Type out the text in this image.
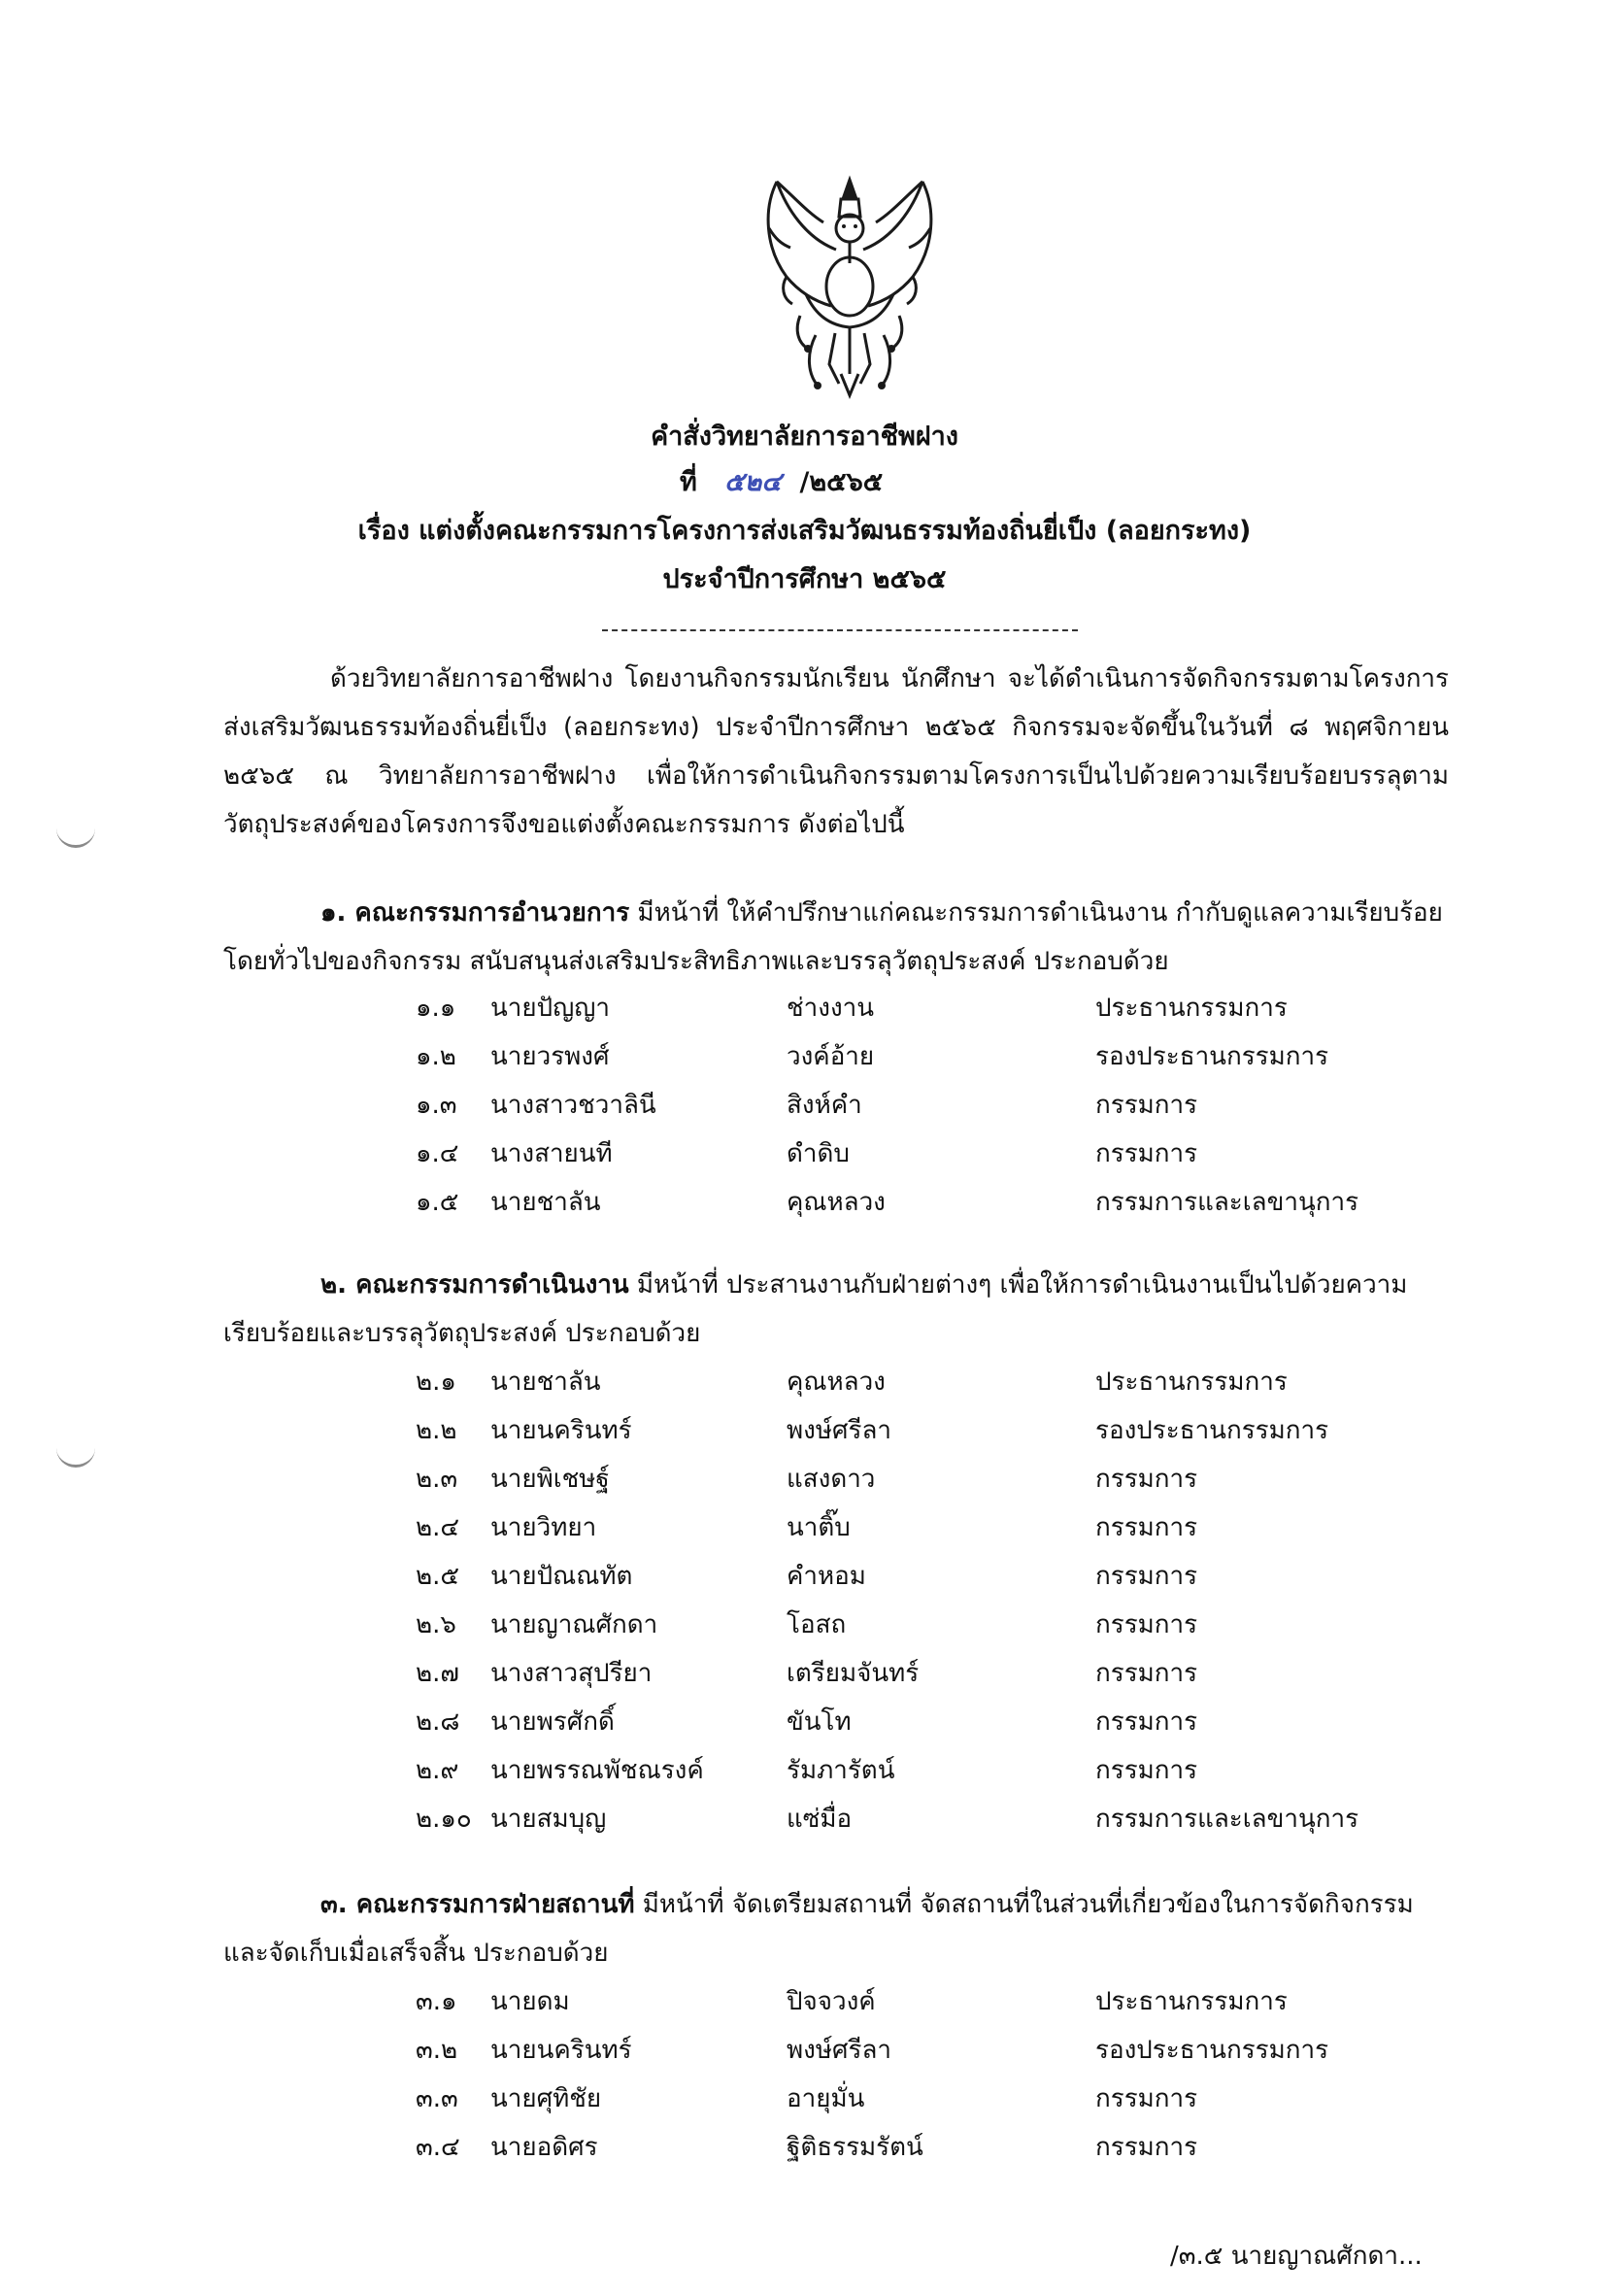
คำสั่งวิทยาลัยการอาชีพฝาง
ที่ ๕๒๔ /๒๕๖๕
เรื่อง แต่งตั้งคณะกรรมการโครงการส่งเสริมวัฒนธรรมท้องถิ่นยี่เป็ง (ลอยกระทง)
ประจำปีการศึกษา ๒๕๖๕
ด้วยวิทยาลัยการอาชีพฝาง โดยงานกิจกรรมนักเรียน นักศึกษา จะได้ดำเนินการจัดกิจกรรมตามโครงการส่งเสริมวัฒนธรรมท้องถิ่นยี่เป็ง (ลอยกระทง) ประจำปีการศึกษา ๒๕๖๕ กิจกรรมจะจัดขึ้นในวันที่ ๘ พฤศจิกายน ๒๕๖๕ ณ วิทยาลัยการอาชีพฝาง เพื่อให้การดำเนินกิจกรรมตามโครงการเป็นไปด้วยความเรียบร้อยบรรลุตามวัตถุประสงค์ของโครงการจึงขอแต่งตั้งคณะกรรมการ ดังต่อไปนี้
๑. คณะกรรมการอำนวยการ มีหน้าที่ ให้คำปรึกษาแก่คณะกรรมการดำเนินงาน กำกับดูแลความเรียบร้อยโดยทั่วไปของกิจกรรม สนับสนุนส่งเสริมประสิทธิภาพและบรรลุวัตถุประสงค์ ประกอบด้วย
๑.๑ นายปัญญา	ช่างงาน	ประธานกรรมการ
๑.๒ นายวรพงศ์	วงค์อ้าย	รองประธานกรรมการ
๑.๓ นางสาวชวาลินี	สิงห์คำ	กรรมการ
๑.๔ นางสายนที	ดำดิบ	กรรมการ
๑.๕ นายชาลัน	คุณหลวง	กรรมการและเลขานุการ
๒. คณะกรรมการดำเนินงาน มีหน้าที่ ประสานงานกับฝ่ายต่างๆ เพื่อให้การดำเนินงานเป็นไปด้วยความเรียบร้อยและบรรลุวัตถุประสงค์ ประกอบด้วย
๒.๑ นายชาลัน	คุณหลวง	ประธานกรรมการ
๒.๒ นายนครินทร์	พงษ์ศรีลา	รองประธานกรรมการ
๒.๓ นายพิเชษฐ์	แสงดาว	กรรมการ
๒.๔ นายวิทยา	นาติ๊บ	กรรมการ
๒.๕ นายปัณณทัต	คำหอม	กรรมการ
๒.๖ นายญาณศักดา	โอสถ	กรรมการ
๒.๗ นางสาวสุปรียา	เตรียมจันทร์	กรรมการ
๒.๘ นายพรศักดิ์	ขันโท	กรรมการ
๒.๙ นายพรรณพัชณรงค์	รัมภารัตน์	กรรมการ
๒.๑๐ นายสมบุญ	แซ่มื่อ	กรรมการและเลขานุการ
๓. คณะกรรมการฝ่ายสถานที่ มีหน้าที่ จัดเตรียมสถานที่ จัดสถานที่ในส่วนที่เกี่ยวข้องในการจัดกิจกรรมและจัดเก็บเมื่อเสร็จสิ้น ประกอบด้วย
๓.๑ นายดม	ปิจจวงค์	ประธานกรรมการ
๓.๒ นายนครินทร์	พงษ์ศรีลา	รองประธานกรรมการ
๓.๓ นายศุทิชัย	อายุมั่น	กรรมการ
๓.๔ นายอดิศร	ฐิติธรรมรัตน์	กรรมการ
/๓.๕ นายญาณศักดา...
